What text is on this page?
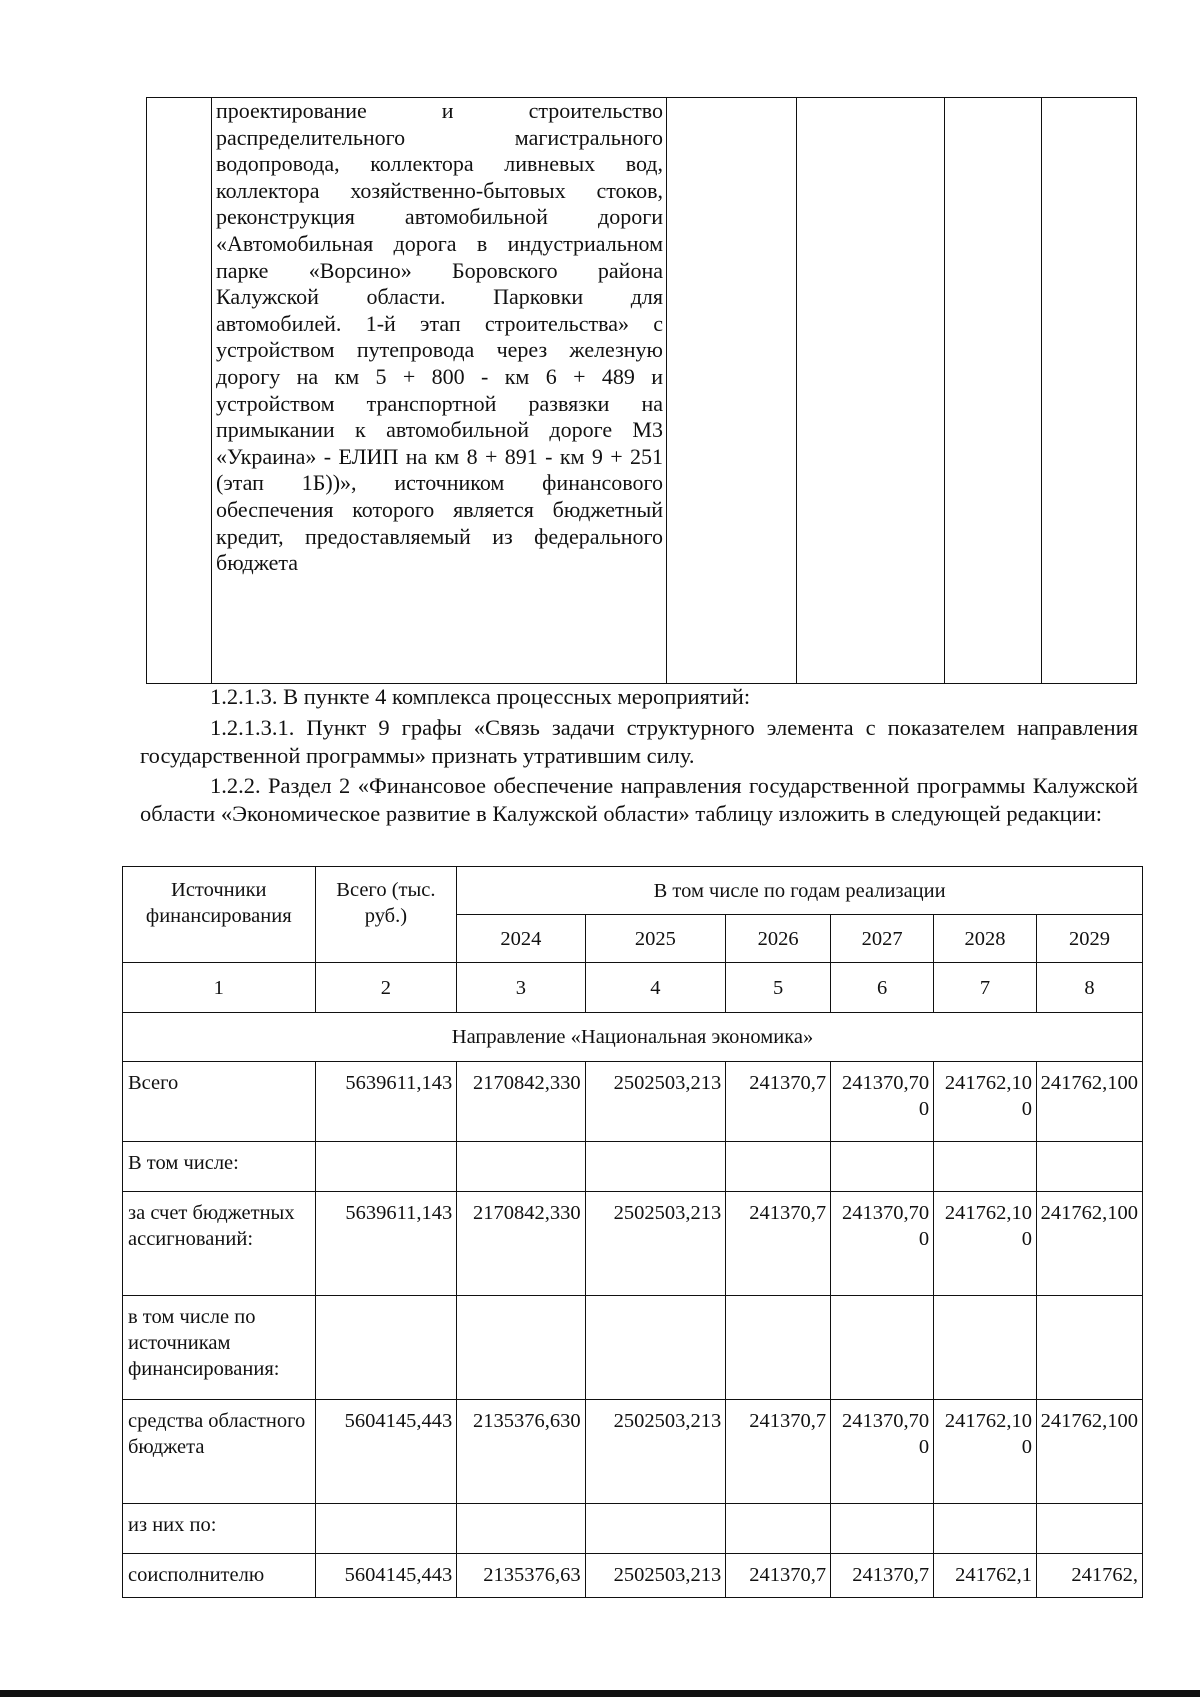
проектирование и строительство распределительного магистрального водопровода, коллектора ливневых вод, коллектора хозяйственно-бытовых стоков, реконструкция автомобильной дороги «Автомобильная дорога в индустриальном парке «Ворсино» Боровского района Калужской области. Парковки для автомобилей. 1-й этап строительства» с устройством путепровода через железную дорогу на км 5 + 800 - км 6 + 489 и устройством транспортной развязки на примыкании к автомобильной дороге М3 «Украина» - ЕЛИП на км 8 + 891 - км 9 + 251 (этап 1Б))», источником финансового обеспечения которого является бюджетный кредит, предоставляемый из федерального бюджета

1.2.1.3. В пункте 4 комплекса процессных мероприятий:

1.2.1.3.1. Пункт 9 графы «Связь задачи структурного элемента с показателем направления государственной программы» признать утратившим силу.

1.2.2. Раздел 2 «Финансовое обеспечение направления государственной программы Калужской области «Экономическое развитие в Калужской области» таблицу изложить в следующей редакции:

Источники финансирования	Всего (тыс. руб.)	В том числе по годам реализации					
		2024	2025	2026	2027	2028	2029
1	2	3	4	5	6	7	8
Направление «Национальная экономика»							
Всего	5639611,143	2170842,330	2502503,213	241370,7	241370,700	241762,100	241762,100
В том числе:							
за счет бюджетных ассигнований:	5639611,143	2170842,330	2502503,213	241370,7	241370,700	241762,100	241762,100
в том числе по источникам финансирования:							
средства областного бюджета	5604145,443	2135376,630	2502503,213	241370,7	241370,700	241762,100	241762,100
из них по:							
соисполнителю	5604145,443	2135376,63	2502503,213	241370,7	241370,7	241762,1	241762,
